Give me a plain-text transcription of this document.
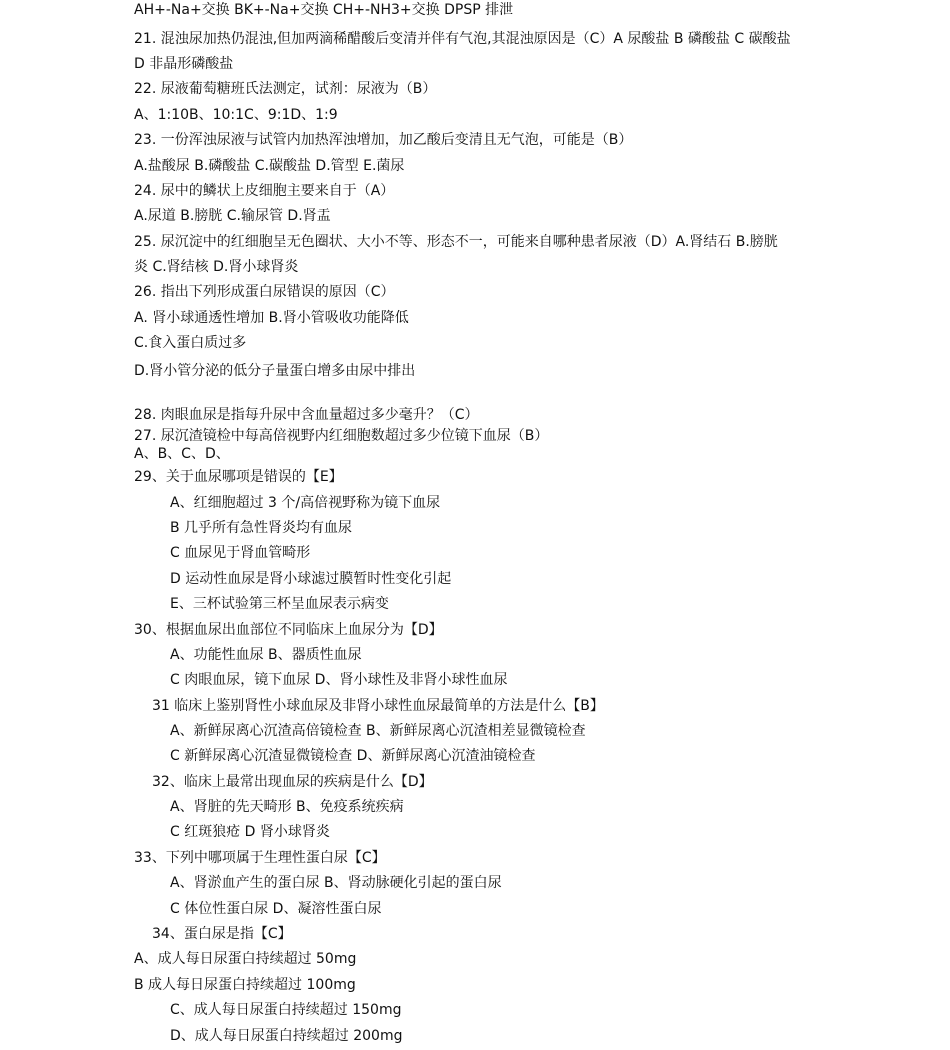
AH+-Na+交换 BK+-Na+交换 CH+-NH3+交换 DPSP 排泄
21. 混浊尿加热仍混浊,但加两滴稀醋酸后变清并伴有气泡,其混浊原因是（C）A 尿酸盐 B 磷酸盐 C 碳酸盐
D 非晶形磷酸盐
22. 尿液葡萄糖班氏法测定，试剂：尿液为（B）
A、1:10B、10:1C、9:1D、1:9
23. 一份浑浊尿液与试管内加热浑浊增加，加乙酸后变清且无气泡，可能是（B）
A.盐酸尿 B.磷酸盐 C.碳酸盐 D.管型 E.菌尿
24. 尿中的鳞状上皮细胞主要来自于（A）
A.尿道 B.膀胱 C.输尿管 D.肾盂
25. 尿沉淀中的红细胞呈无色圈状、大小不等、形态不一，可能来自哪种患者尿液（D）A.肾结石 B.膀胱
炎 C.肾结核 D.肾小球肾炎
26. 指出下列形成蛋白尿错误的原因（C）
A. 肾小球通透性增加 B.肾小管吸收功能降低
C.食入蛋白质过多
D.肾小管分泌的低分子量蛋白增多由尿中排出
28. 肉眼血尿是指每升尿中含血量超过多少毫升？（C）
27. 尿沉渣镜检中每高倍视野内红细胞数超过多少位镜下血尿（B）
A、B、C、D、
29、关于血尿哪项是错误的【E】
A、红细胞超过 3 个/高倍视野称为镜下血尿
B 几乎所有急性肾炎均有血尿
C 血尿见于肾血管畸形
D 运动性血尿是肾小球滤过膜暂时性变化引起
E、三杯试验第三杯呈血尿表示病变
30、根据血尿出血部位不同临床上血尿分为【D】
A、功能性血尿 B、器质性血尿
C 肉眼血尿，镜下血尿 D、肾小球性及非肾小球性血尿
31 临床上鉴别肾性小球血尿及非肾小球性血尿最简单的方法是什么【B】
A、新鲜尿离心沉渣高倍镜检查 B、新鲜尿离心沉渣相差显微镜检查
C 新鲜尿离心沉渣显微镜检查 D、新鲜尿离心沉渣油镜检查
32、临床上最常出现血尿的疾病是什么【D】
A、肾脏的先天畸形 B、免疫系统疾病
C 红斑狼疮 D 肾小球肾炎
33、下列中哪项属于生理性蛋白尿【C】
A、肾淤血产生的蛋白尿 B、肾动脉硬化引起的蛋白尿
C 体位性蛋白尿 D、凝溶性蛋白尿
34、蛋白尿是指【C】
A、成人每日尿蛋白持续超过 50mg
B 成人每日尿蛋白持续超过 100mg
C、成人每日尿蛋白持续超过 150mg
D、成人每日尿蛋白持续超过 200mg
